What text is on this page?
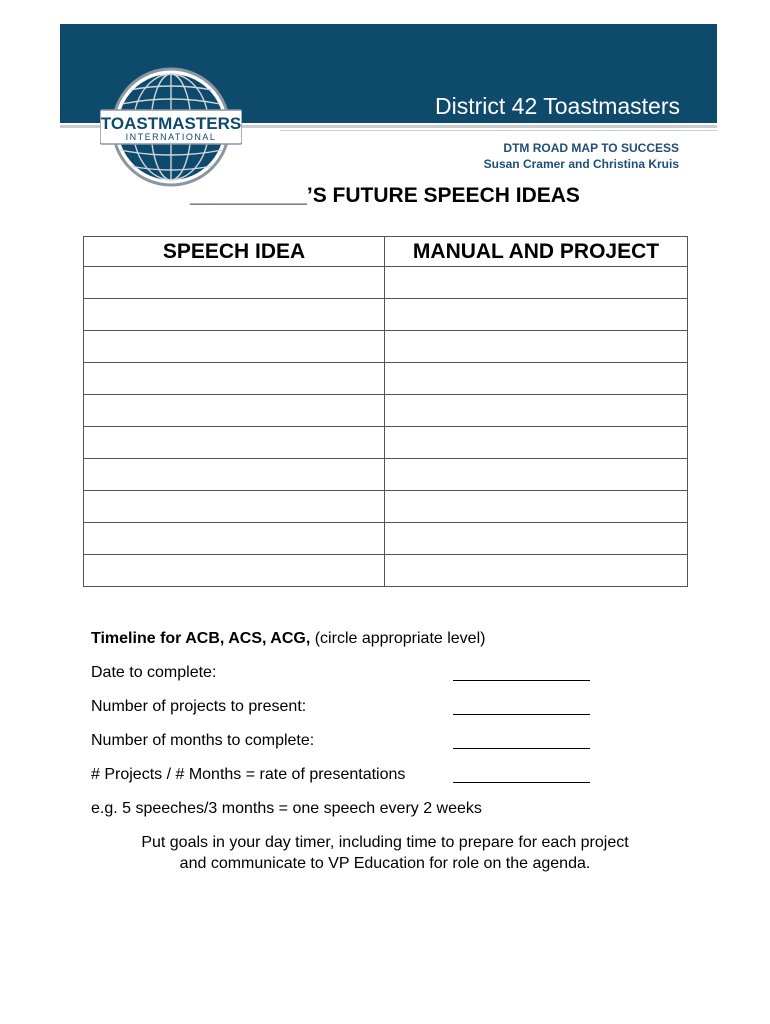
TOASTMASTERS
INTERNATIONAL
District 42 Toastmasters
DTM ROAD MAP TO SUCCESS
Susan Cramer and Christina Kruis
__________’S FUTURE SPEECH IDEAS
SPEECH IDEA	MANUAL AND PROJECT

Timeline for ACB, ACS, ACG, (circle appropriate level)
Date to complete:
Number of projects to present:
Number of months to complete:
# Projects / # Months = rate of presentations
e.g. 5 speeches/3 months = one speech every 2 weeks
Put goals in your day timer, including time to prepare for each project
and communicate to VP Education for role on the agenda.
